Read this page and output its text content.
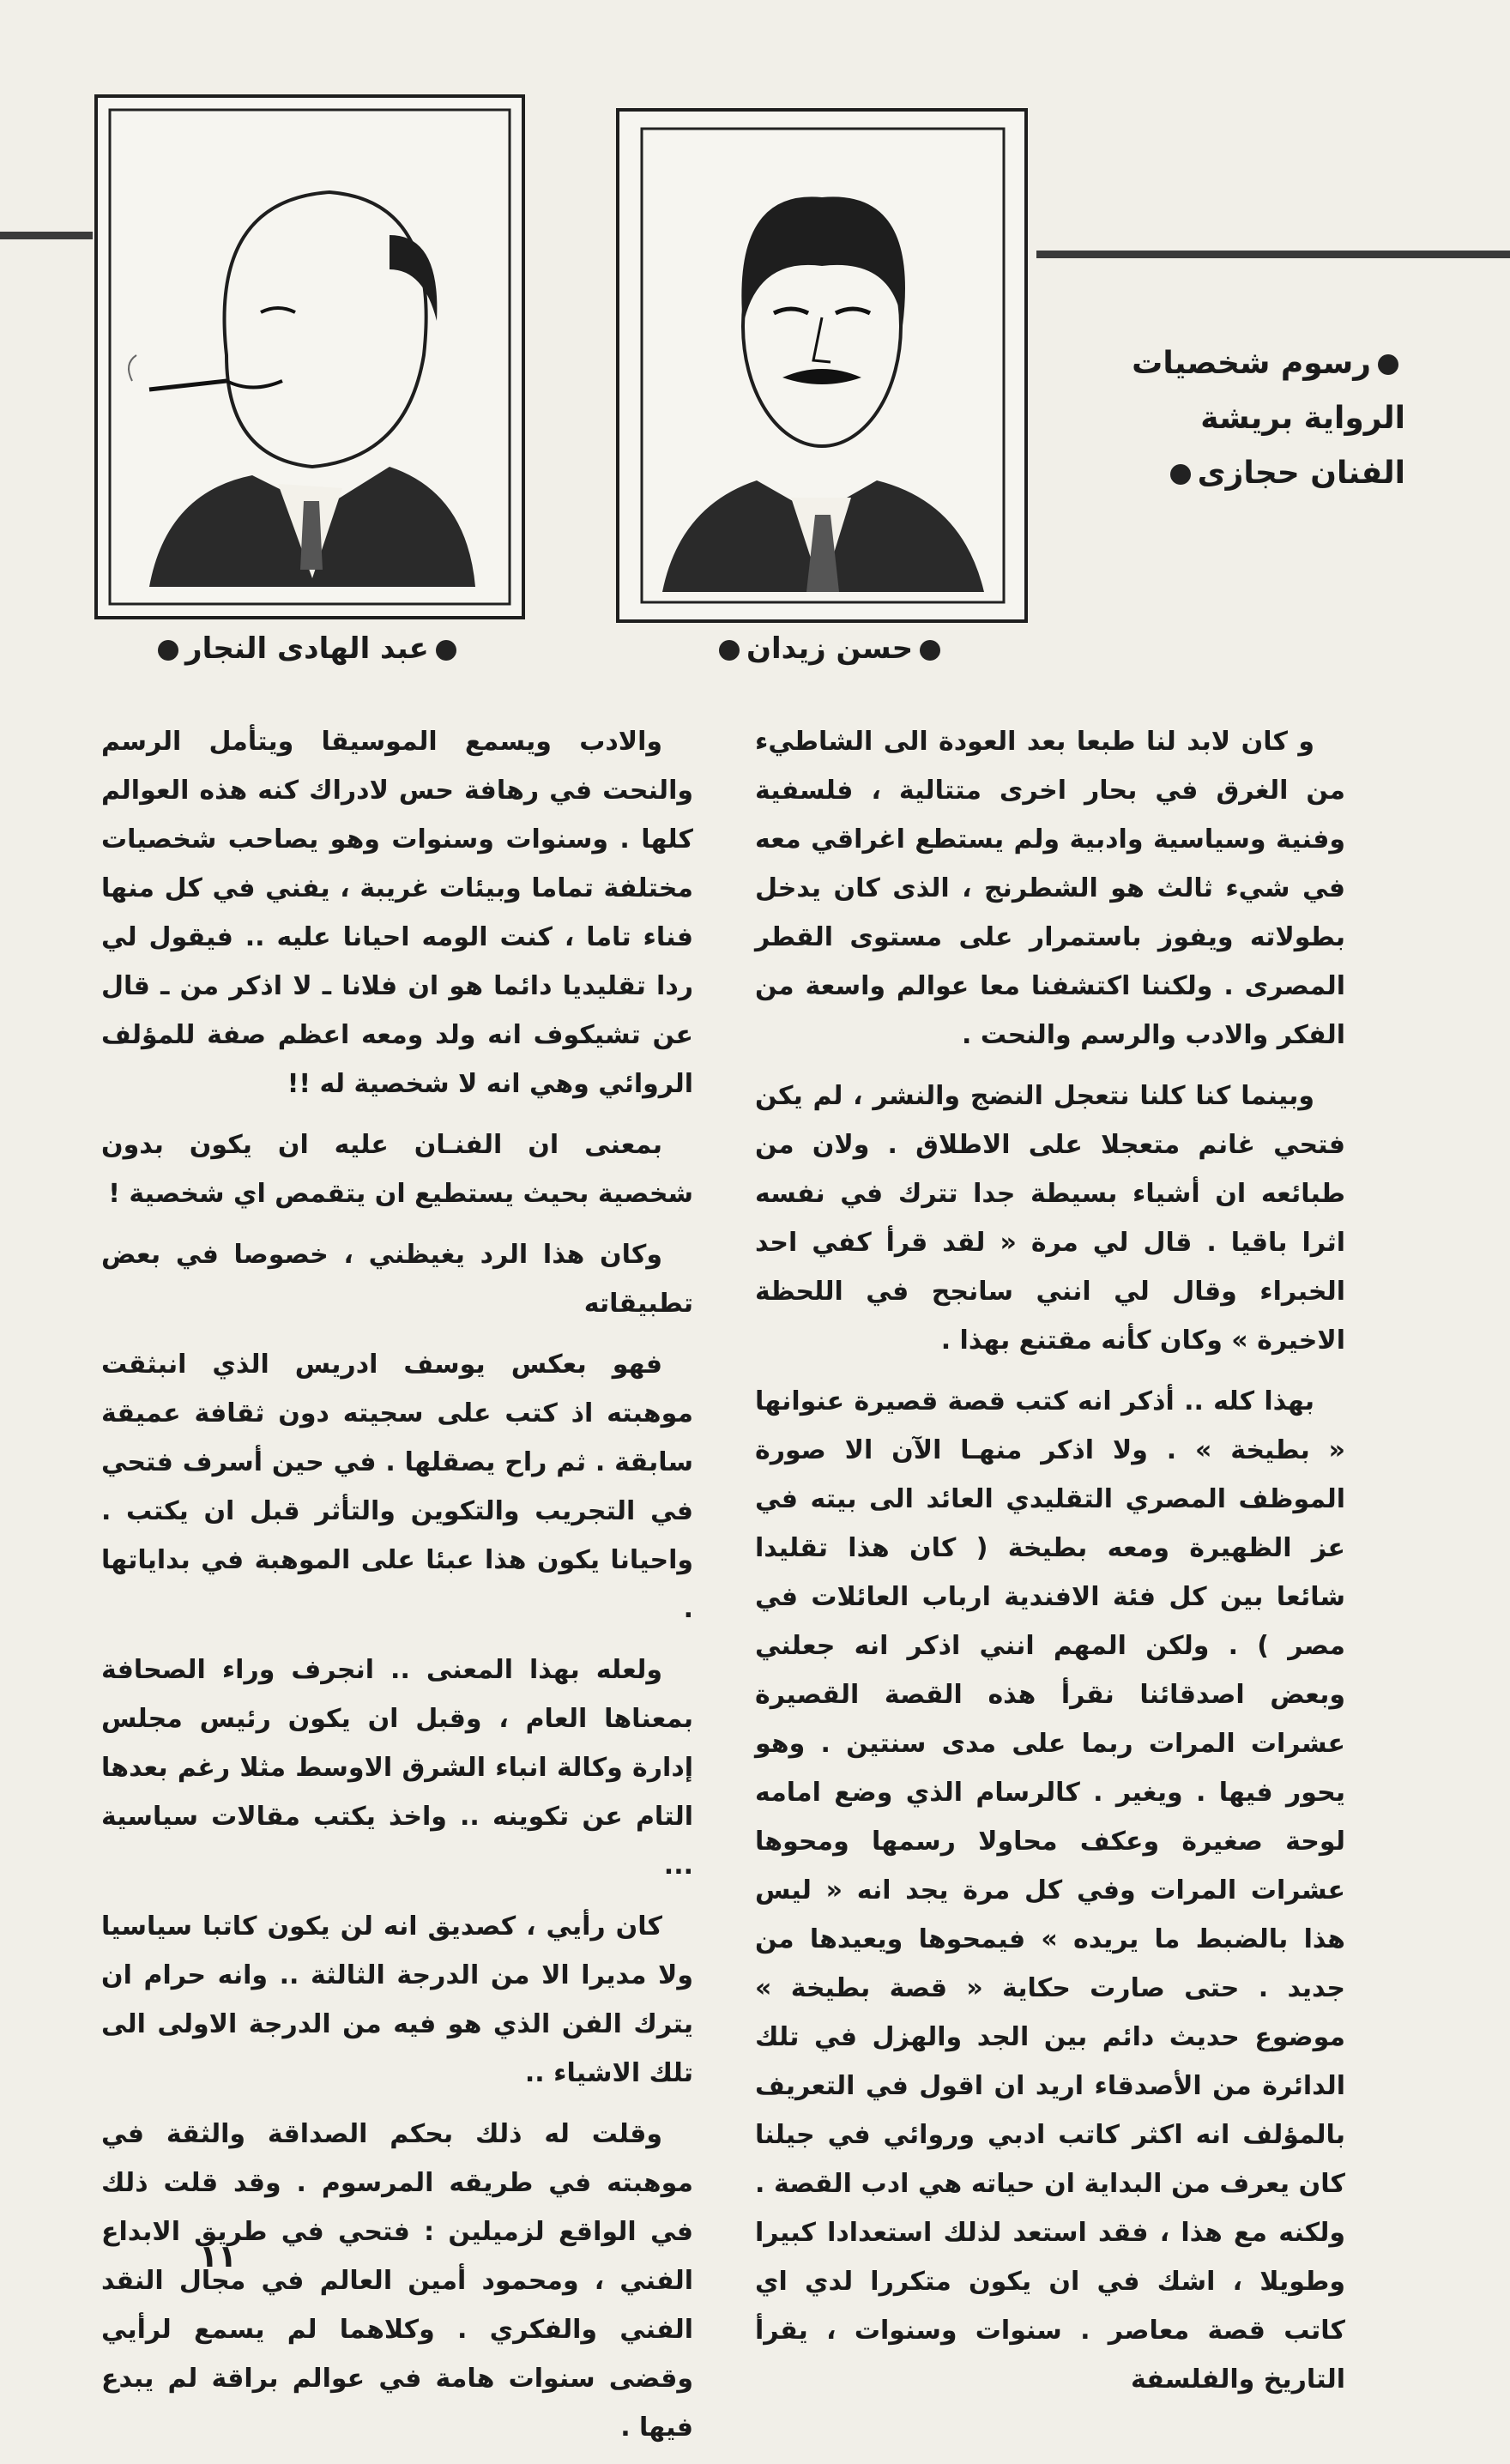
حسن زيدان
عبد الهادى النجار
رسوم شخصيات
الرواية بريشة
الفنان حجازى

و كان لابد لنا طبعا بعد العودة الى الشاطيء من الغرق في بحار اخرى متتالية ، فلسفية وفنية وسياسية وادبية ولم يستطع اغراقي معه في شيء ثالث هو الشطرنج ، الذى كان يدخل بطولاته ويفوز باستمرار على مستوى القطر المصرى . ولكننا اكتشفنا معا عوالم واسعة من الفكر والادب والرسم والنحت .

وبينما كنا كلنا نتعجل النضج والنشر ، لم يكن فتحي غانم متعجلا على الاطلاق . ولان من طبائعه ان أشياء بسيطة جدا تترك في نفسه اثرا باقيا . قال لي مرة « لقد قرأ كفي احد الخبراء وقال لي انني سانجح في اللحظة الاخيرة » وكان كأنه مقتنع بهذا .

بهذا كله .. أذكر انه كتب قصة قصيرة عنوانها « بطيخة » . ولا اذكر منهـا الآن الا صورة الموظف المصري التقليدي العائد الى بيته في عز الظهيرة ومعه بطيخة ( كان هذا تقليدا شائعا بين كل فئة الافندية ارباب العائلات في مصر ) . ولكن المهم انني اذكر انه جعلني وبعض اصدقائنا نقرأ هذه القصة القصيرة عشرات المرات ربما على مدى سنتين . وهو يحور فيها . ويغير . كالرسام الذي وضع امامه لوحة صغيرة وعكف محاولا رسمها ومحوها عشرات المرات وفي كل مرة يجد انه « ليس هذا بالضبط ما يريده » فيمحوها ويعيدها من جديد . حتى صارت حكاية « قصة بطيخة » موضوع حديث دائم بين الجد والهزل في تلك الدائرة من الأصدقاء اريد ان اقول في التعريف بالمؤلف انه اكثر كاتب ادبي وروائي في جيلنا كان يعرف من البداية ان حياته هي ادب القصة . ولكنه مع هذا ، فقد استعد لذلك استعدادا كبيرا وطويلا ، اشك في ان يكون متكررا لدي اي كاتب قصة معاصر . سنوات وسنوات ، يقرأ التاريخ والفلسفة

والادب ويسمع الموسيقا ويتأمل الرسم والنحت في رهافة حس لادراك كنه هذه العوالم كلها . وسنوات وسنوات وهو يصاحب شخصيات مختلفة تماما وبيئات غريبة ، يفني في كل منها فناء تاما ، كنت الومه احيانا عليه .. فيقول لي ردا تقليديا دائما هو ان فلانا ـ لا اذكر من ـ قال عن تشيكوف انه ولد ومعه اعظم صفة للمؤلف الروائي وهي انه لا شخصية له !!

بمعنى ان الفنـان عليه ان يكون بدون شخصية بحيث يستطيع ان يتقمص اي شخصية !

وكان هذا الرد يغيظني ، خصوصا في بعض تطبيقاته

فهو بعكس يوسف ادريس الذي انبثقت موهبته اذ كتب على سجيته دون ثقافة عميقة سابقة . ثم راح يصقلها . في حين أسرف فتحي في التجريب والتكوين والتأثر قبل ان يكتب . واحيانا يكون هذا عبئا على الموهبة في بداياتها .

ولعله بهذا المعنى .. انجرف وراء الصحافة بمعناها العام ، وقبل ان يكون رئيس مجلس إدارة وكالة انباء الشرق الاوسط مثلا رغم بعدها التام عن تكوينه .. واخذ يكتب مقالات سياسية ...

كان رأيي ، كصديق انه لن يكون كاتبا سياسيا ولا مديرا الا من الدرجة الثالثة .. وانه حرام ان يترك الفن الذي هو فيه من الدرجة الاولى الى تلك الاشياء ..

وقلت له ذلك بحكم الصداقة والثقة في موهبته في طريقه المرسوم . وقد قلت ذلك في الواقع لزميلين : فتحي في طريق الابداع الفني ، ومحمود أمين العالم في مجال النقد الفني والفكري . وكلاهما لم يسمع لرأيي وقضى سنوات هامة في عوالم براقة لم يبدع فيها .

١١
